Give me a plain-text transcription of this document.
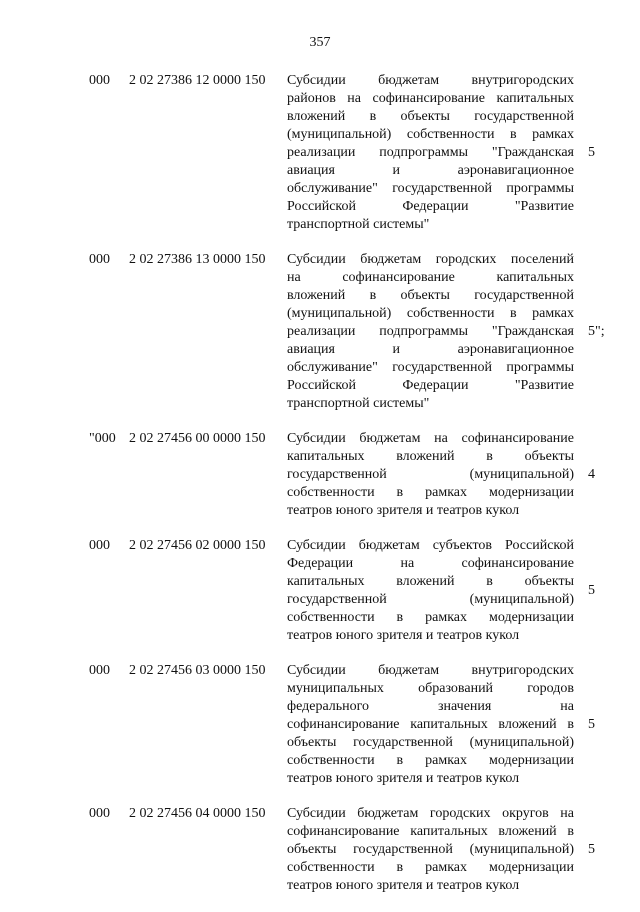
357
000	2 02 27386 12 0000 150 Субсидии бюджетам внутригородских
районов на софинансирование капитальных
вложений в объекты государственной
(муниципальной) собственности в рамках
реализации подпрограммы "Гражданская
авиация и аэронавигационное
обслуживание" государственной программы
Российской Федерации "Развитие
транспортной системы"
5
000	2 02 27386 13 0000 150 Субсидии бюджетам городских поселений
на софинансирование капитальных
вложений в объекты государственной
(муниципальной) собственности в рамках
реализации подпрограммы "Гражданская
авиация и аэронавигационное
обслуживание" государственной программы
Российской Федерации "Развитие
транспортной системы"
5";
"000 2 02 27456 00 0000 150 Субсидии бюджетам на софинансирование
капитальных вложений в объекты
государственной (муниципальной)
собственности в рамках модернизации
театров юного зрителя и театров кукол
4
000	2 02 27456 02 0000 150 Субсидии бюджетам субъектов Российской
Федерации на софинансирование
капитальных вложений в объекты
государственной (муниципальной)
собственности в рамках модернизации
театров юного зрителя и театров кукол
5
000	2 02 27456 03 0000 150 Субсидии бюджетам внутригородских
муниципальных образований городов
федерального значения на
софинансирование капитальных вложений в
объекты государственной (муниципальной)
собственности в рамках модернизации
театров юного зрителя и театров кукол
5
000	2 02 27456 04 0000 150 Субсидии бюджетам городских округов на
софинансирование капитальных вложений в
объекты государственной (муниципальной)
собственности в рамках модернизации
театров юного зрителя и театров кукол
5
